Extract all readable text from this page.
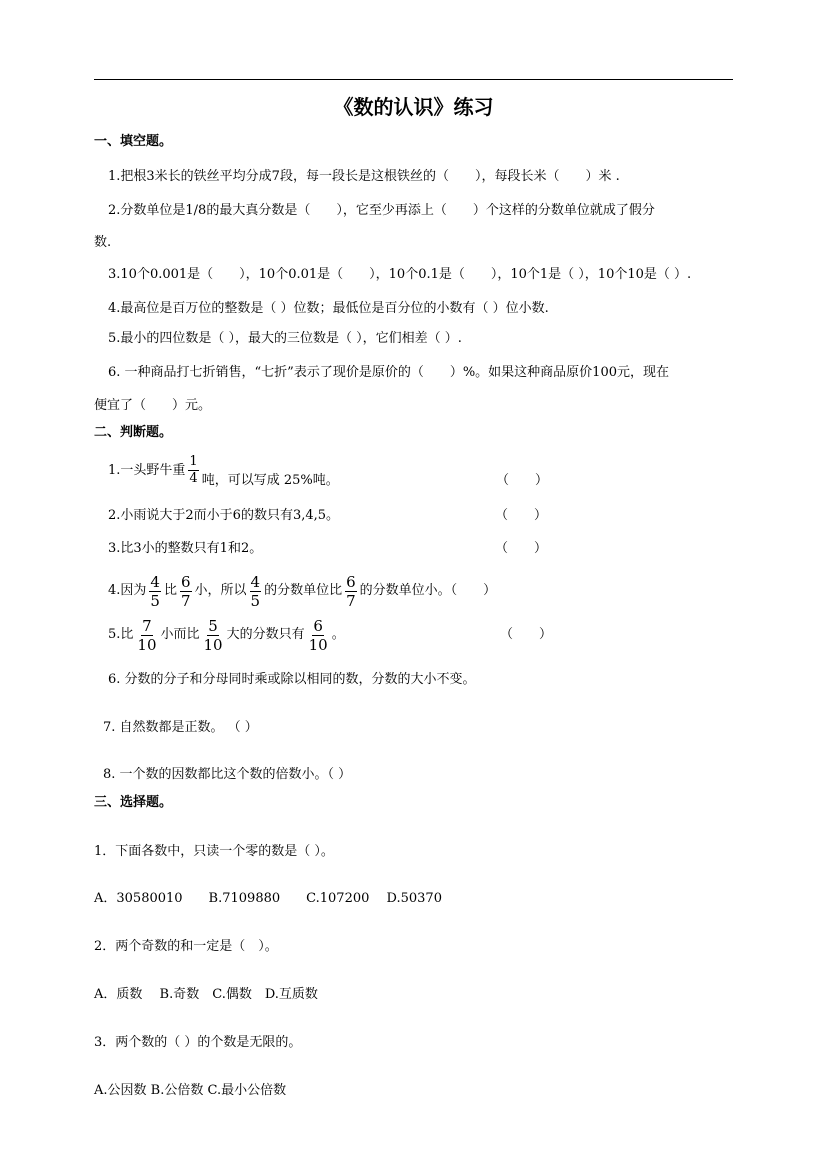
《数的认识》练习
一、填空题。
1.把根3米长的铁丝平均分成7段，每一段长是这根铁丝的（　　），每段长米（　　）米 .
2.分数单位是1/8的最大真分数是（　　），它至少再添上（　　）个这样的分数单位就成了假分
数.
3.10个0.001是（　　），10个0.01是（　　），10个0.1是（　　），10个1是（ ），10个10是（ ）.
4.最高位是百万位的整数是（ ）位数；最低位是百分位的小数有（ ）位小数.
5.最小的四位数是（ ），最大的三位数是（ ），它们相差（ ）.
6. 一种商品打七折销售，“七折”表示了现价是原价的（　　）%。如果这种商品原价100元，现在
便宜了（　　）元。
二、判断题。
1.一头野牛重 $\frac{1}{4}$ 吨，可以写成 25%吨。	（　　）
2.小雨说大于2而小于6的数只有3,4,5。	（　　）
3.比3小的整数只有1和2。	（　　）
4.因为 $\frac{4}{5}$ 比 $\frac{6}{7}$ 小，所以 $\frac{4}{5}$ 的分数单位比 $\frac{6}{7}$ 的分数单位小。（　　）
5.比 $\frac{7}{10}$ 小而比 $\frac{5}{10}$ 大的分数只有 $\frac{6}{10}$ 。	（　　）
6. 分数的分子和分母同时乘或除以相同的数，分数的大小不变。
7. 自然数都是正数。 （ ）
8. 一个数的因数都比这个数的倍数小。（ ）
三、选择题。
1．下面各数中，只读一个零的数是（ ）。
A．30580010　　B.7109880　　C.107200　 D.50370
2．两个奇数的和一定是（　）。
A．质数　 B.奇数　C.偶数　D.互质数
3．两个数的（ ）的个数是无限的。
A.公因数 B.公倍数 C.最小公倍数
